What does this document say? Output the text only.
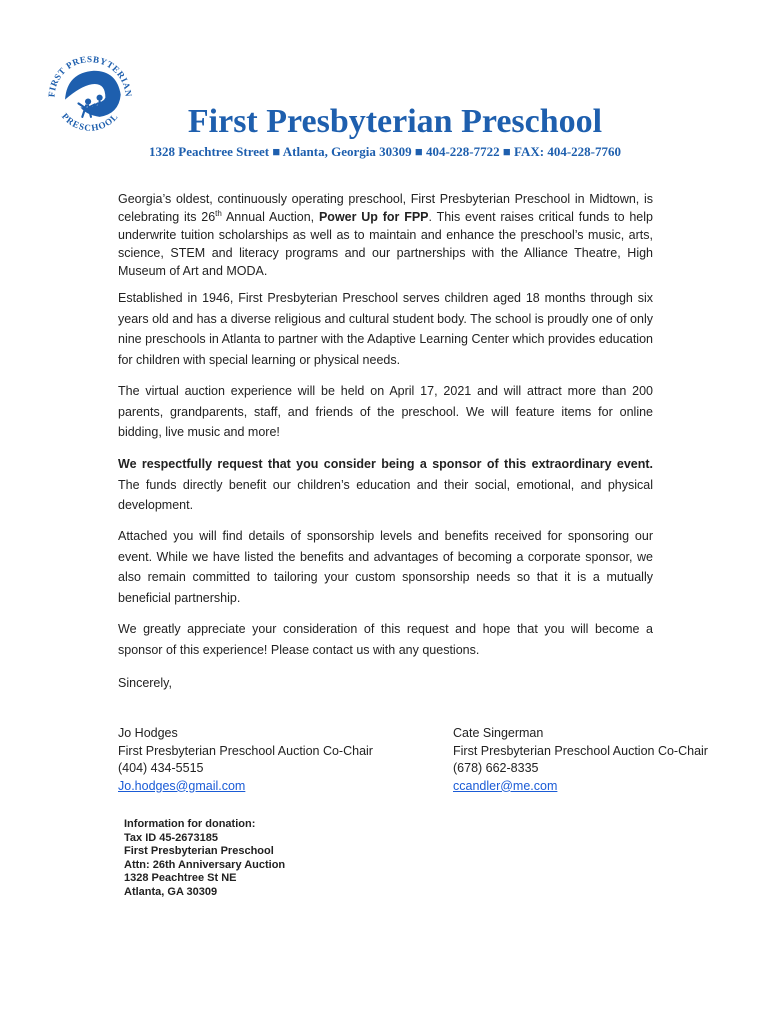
FIRST PRESBYTERIAN
PRESCHOOL	First Presbyterian Preschool
1328 Peachtree Street ■ Atlanta, Georgia 30309 ■ 404-228-7722 ■ FAX: 404-228-7760

Georgia’s oldest, continuously operating preschool, First Presbyterian Preschool in Midtown, is celebrating its 26th Annual Auction, Power Up for FPP. This event raises critical funds to help underwrite tuition scholarships as well as to maintain and enhance the preschool’s music, arts, science, STEM and literacy programs and our partnerships with the Alliance Theatre, High Museum of Art and MODA.

Established in 1946, First Presbyterian Preschool serves children aged 18 months through six years old and has a diverse religious and cultural student body. The school is proudly one of only nine preschools in Atlanta to partner with the Adaptive Learning Center which provides education for children with special learning or physical needs.

The virtual auction experience will be held on April 17, 2021 and will attract more than 200 parents, grandparents, staff, and friends of the preschool. We will feature items for online bidding, live music and more!

We respectfully request that you consider being a sponsor of this extraordinary event. The funds directly benefit our children’s education and their social, emotional, and physical development.

Attached you will find details of sponsorship levels and benefits received for sponsoring our event. While we have listed the benefits and advantages of becoming a corporate sponsor, we also remain committed to tailoring your custom sponsorship needs so that it is a mutually beneficial partnership.

We greatly appreciate your consideration of this request and hope that you will become a sponsor of this experience! Please contact us with any questions.

Sincerely,

Jo Hodges
First Presbyterian Preschool Auction Co-Chair
(404) 434-5515
Jo.hodges@gmail.com
Cate Singerman
First Presbyterian Preschool Auction Co-Chair
(678) 662-8335
ccandler@me.com
Information for donation:
Tax ID 45-2673185
First Presbyterian Preschool
Attn: 26th Anniversary Auction
1328 Peachtree St NE
Atlanta, GA 30309
